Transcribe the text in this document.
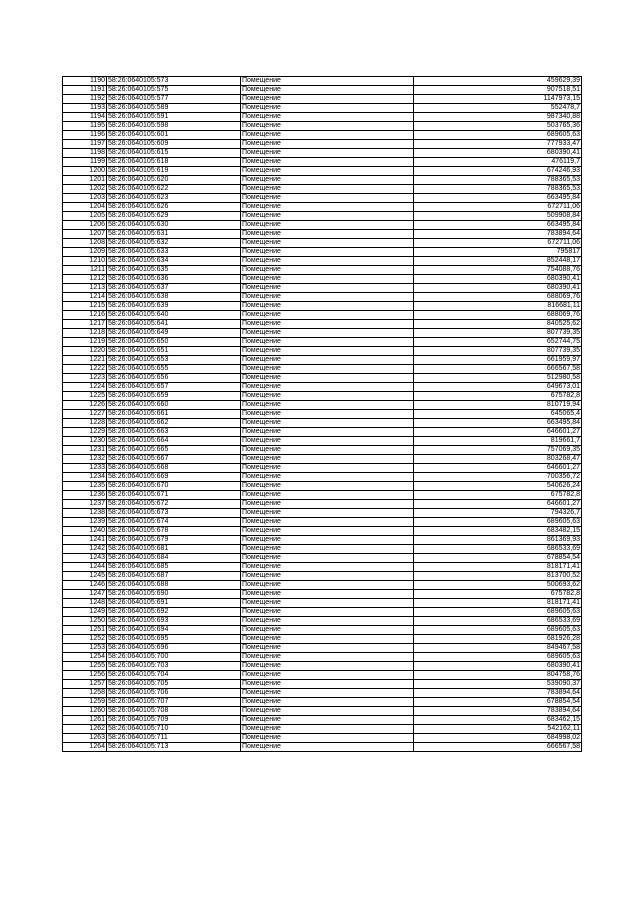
1190	58:26:0640105:573	Помещение	459629,39
1191	58:26:0640105:575	Помещение	907518,51
1192	58:26:0640105:577	Помещение	1147973,15
1193	58:26:0640105:589	Помещение	552478,7
1194	58:26:0640105:591	Помещение	987340,88
1195	58:26:0640105:598	Помещение	503765,36
1196	58:26:0640105:601	Помещение	689605,63
1197	58:26:0640105:609	Помещение	777933,47
1198	58:26:0640105:615	Помещение	680390,41
1199	58:26:0640105:618	Помещение	476119,7
1200	58:26:0640105:619	Помещение	674246,93
1201	58:26:0640105:620	Помещение	788365,53
1202	58:26:0640105:622	Помещение	788365,53
1203	58:26:0640105:623	Помещение	663495,84
1204	58:26:0640105:626	Помещение	672711,06
1205	58:26:0640105:629	Помещение	509908,84
1206	58:26:0640105:630	Помещение	663495,84
1207	58:26:0640105:631	Помещение	783894,64
1208	58:26:0640105:632	Помещение	672711,06
1209	58:26:0640105:633	Помещение	795817
1210	58:26:0640105:634	Помещение	852448,17
1211	58:26:0640105:635	Помещение	754088,76
1212	58:26:0640105:636	Помещение	680390,41
1213	58:26:0640105:637	Помещение	680390,41
1214	58:26:0640105:638	Помещение	688069,76
1215	58:26:0640105:639	Помещение	816681,11
1216	58:26:0640105:640	Помещение	688069,76
1217	58:26:0640105:641	Помещение	840525,62
1218	58:26:0640105:649	Помещение	807739,35
1219	58:26:0640105:650	Помещение	652744,75
1220	58:26:0640105:651	Помещение	807739,35
1221	58:26:0640105:653	Помещение	661959,97
1222	58:26:0640105:655	Помещение	666567,58
1223	58:26:0640105:656	Помещение	512980,58
1224	58:26:0640105:657	Помещение	649673,01
1225	58:26:0640105:659	Помещение	675782,8
1226	58:26:0640105:660	Помещение	810719,94
1227	58:26:0640105:661	Помещение	645065,4
1228	58:26:0640105:662	Помещение	663495,84
1229	58:26:0640105:663	Помещение	646601,27
1230	58:26:0640105:664	Помещение	819661,7
1231	58:26:0640105:665	Помещение	757069,35
1232	58:26:0640105:667	Помещение	803268,47
1233	58:26:0640105:668	Помещение	646601,27
1234	58:26:0640105:669	Помещение	700356,72
1235	58:26:0640105:670	Помещение	540626,24
1236	58:26:0640105:671	Помещение	675782,8
1237	58:26:0640105:672	Помещение	646601,27
1238	58:26:0640105:673	Помещение	794326,7
1239	58:26:0640105:674	Помещение	689605,63
1240	58:26:0640105:678	Помещение	683482,15
1241	58:26:0640105:679	Помещение	861369,93
1242	58:26:0640105:681	Помещение	686533,69
1243	58:26:0640105:684	Помещение	678854,54
1244	58:26:0640105:685	Помещение	818171,41
1245	58:26:0640105:687	Помещение	813700,52
1246	58:26:0640105:688	Помещение	500693,62
1247	58:26:0640105:690	Помещение	675782,8
1248	58:26:0640105:691	Помещение	818171,41
1249	58:26:0640105:692	Помещение	689605,63
1250	58:26:0640105:693	Помещение	686533,69
1251	58:26:0640105:694	Помещение	689605,63
1252	58:26:0640105:695	Помещение	681926,28
1253	58:26:0640105:696	Помещение	849467,58
1254	58:26:0640105:700	Помещение	689605,63
1255	58:26:0640105:703	Помещение	680390,41
1256	58:26:0640105:704	Помещение	804758,76
1257	58:26:0640105:705	Помещение	539090,37
1258	58:26:0640105:706	Помещение	783894,64
1259	58:26:0640105:707	Помещение	678854,54
1260	58:26:0640105:708	Помещение	783894,64
1261	58:26:0640105:709	Помещение	683462,15
1262	58:26:0640105:710	Помещение	542162,11
1263	58:26:0640105:711	Помещение	684998,02
1264	58:26:0640105:713	Помещение	666567,58
